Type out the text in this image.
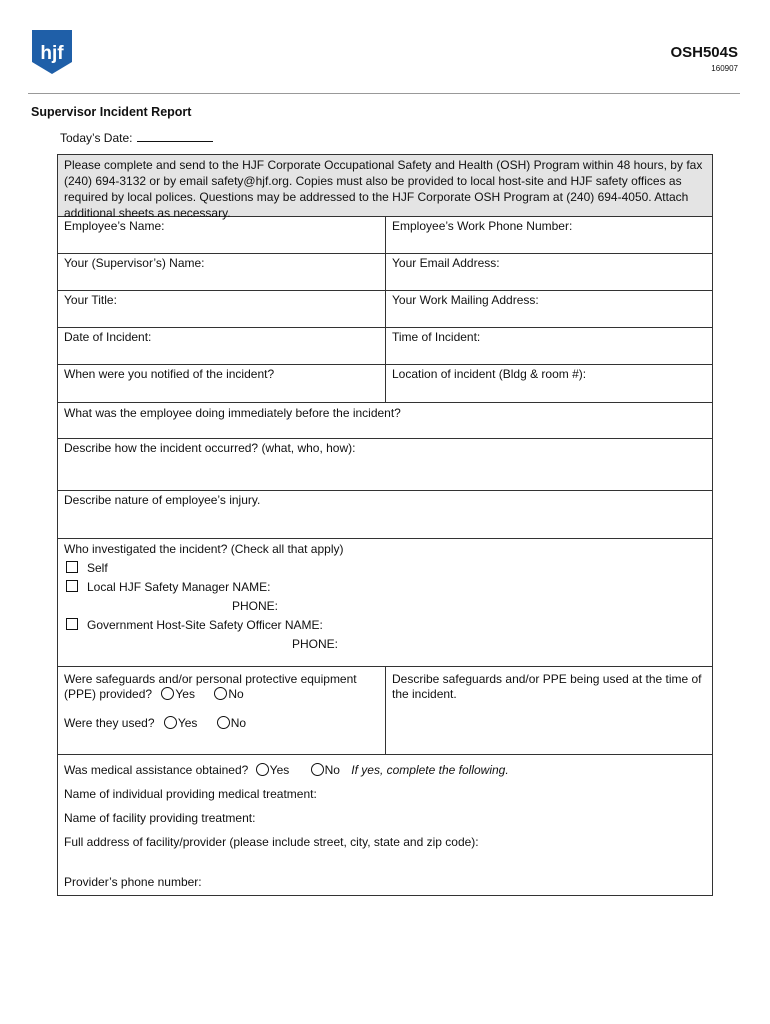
hjf	OSH504S
160907
Supervisor Incident Report
Today’s Date:
Please complete and send to the HJF Corporate Occupational Safety and Health (OSH) Program within 48 hours, by fax (240) 694-3132 or by email safety@hjf.org. Copies must also be provided to local host-site and HJF safety offices as required by local polices. Questions may be addressed to the HJF Corporate OSH Program at (240) 694-4050. Attach additional sheets as necessary.
Employee’s Name:	Employee’s Work Phone Number:
Your (Supervisor’s) Name:	Your Email Address:
Your Title:	Your Work Mailing Address:
Date of Incident:	Time of Incident:
When were you notified of the incident?	Location of incident (Bldg & room #):
What was the employee doing immediately before the incident?
Describe how the incident occurred? (what, who, how):
Describe nature of employee’s injury.
Who investigated the incident? (Check all that apply)
Self
Local HJF Safety Manager NAME:
PHONE:
Government Host-Site Safety Officer NAME:
PHONE:
Were safeguards and/or personal protective equipment
(PPE) provided? Yes	No
Were they used? Yes	No
Describe safeguards and/or PPE being used at the time of the incident.
Was medical assistance obtained? Yes	No If yes, complete the following.
Name of individual providing medical treatment:
Name of facility providing treatment:
Full address of facility/provider (please include street, city, state and zip code):
Provider’s phone number:
